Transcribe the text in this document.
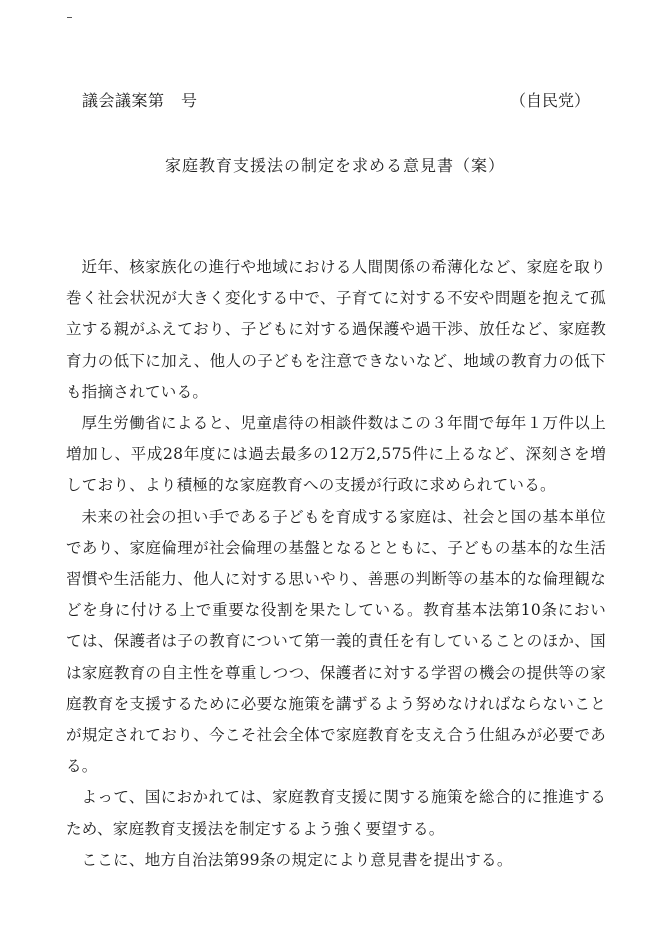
議会議案第　号	（自民党）
家庭教育支援法の制定を求める意見書（案）

近年、核家族化の進行や地域における人間関係の希薄化など、家庭を取り巻く社会状況が大きく変化する中で、子育てに対する不安や問題を抱えて孤立する親がふえており、子どもに対する過保護や過干渉、放任など、家庭教育力の低下に加え、他人の子どもを注意できないなど、地域の教育力の低下も指摘されている。

厚生労働省によると、児童虐待の相談件数はこの３年間で毎年１万件以上増加し、平成28年度には過去最多の12万2,575件に上るなど、深刻さを増しており、より積極的な家庭教育への支援が行政に求められている。

未来の社会の担い手である子どもを育成する家庭は、社会と国の基本単位であり、家庭倫理が社会倫理の基盤となるとともに、子どもの基本的な生活習慣や生活能力、他人に対する思いやり、善悪の判断等の基本的な倫理観などを身に付ける上で重要な役割を果たしている。教育基本法第10条においては、保護者は子の教育について第一義的責任を有していることのほか、国は家庭教育の自主性を尊重しつつ、保護者に対する学習の機会の提供等の家庭教育を支援するために必要な施策を講ずるよう努めなければならないことが規定されており、今こそ社会全体で家庭教育を支え合う仕組みが必要である。

よって、国におかれては、家庭教育支援に関する施策を総合的に推進するため、家庭教育支援法を制定するよう強く要望する。

ここに、地方自治法第99条の規定により意見書を提出する。
